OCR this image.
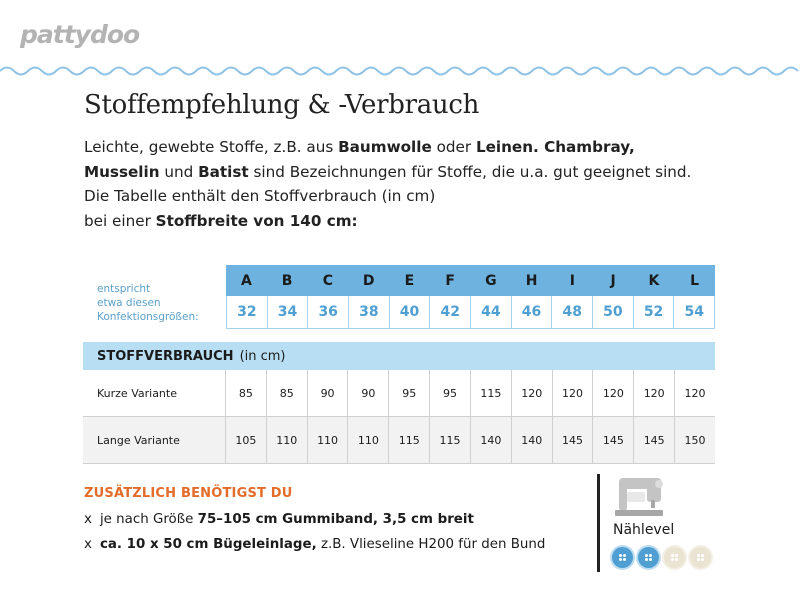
pattydoo
Stoffempfehlung & -Verbrauch
Leichte, gewebte Stoffe, z.B. aus Baumwolle oder Leinen. Chambray,
Musselin und Batist sind Bezeichnungen für Stoffe, die u.a. gut geeignet sind.
Die Tabelle enthält den Stoffverbrauch (in cm)
bei einer Stoffbreite von 140 cm:
entspricht
etwa diesen
Konfektionsgrößen:
A	B	C	D	E	F	G	H	I	J	K	L
32	34	36	38	40	42	44	46	48	50	52	54
STOFFVERBRAUCH (in cm)
Kurze Variante	85	85	90	90	95	95	115	120	120	120	120	120
Lange Variante	105	110	110	110	115	115	140	140	145	145	145	150
ZUSÄTZLICH BENÖTIGST DU
x je nach Größe 75–105 cm Gummiband, 3,5 cm breit
x ca. 10 x 50 cm Bügeleinlage, z.B. Vlieseline H200 für den Bund
Nählevel
